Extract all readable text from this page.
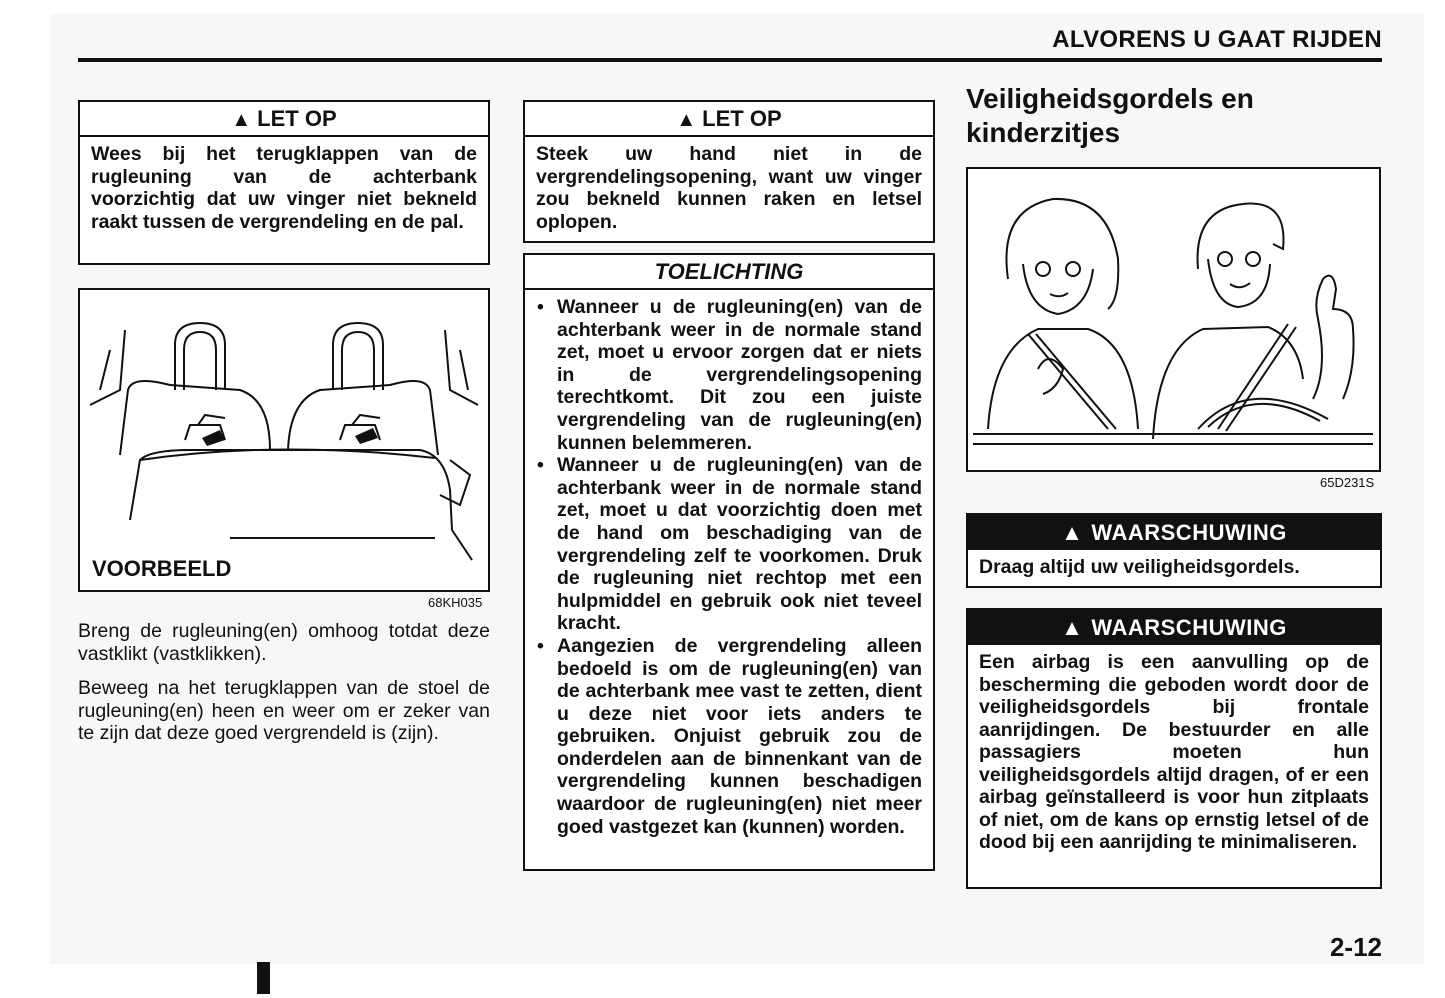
ALVORENS U GAAT RIJDEN
▲ LET OP
Wees bij het terugklappen van de rugleuning van de achterbank voorzichtig dat uw vinger niet bekneld raakt tussen de vergrendeling en de pal.
VOORBEELD
68KH035
Breng de rugleuning(en) omhoog totdat deze vastklikt (vastklikken).
Beweeg na het terugklappen van de stoel de rugleuning(en) heen en weer om er zeker van te zijn dat deze goed vergrendeld is (zijn).
▲ LET OP
Steek uw hand niet in de vergrendelingsopening, want uw vinger zou bekneld kunnen raken en letsel oplopen.
TOELICHTING
• Wanneer u de rugleuning(en) van de achterbank weer in de normale stand zet, moet u ervoor zorgen dat er niets in de vergrendelingsopening terechtkomt. Dit zou een juiste vergrendeling van de rugleuning(en) kunnen belemmeren.
• Wanneer u de rugleuning(en) van de achterbank weer in de normale stand zet, moet u dat voorzichtig doen met de hand om beschadiging van de vergrendeling zelf te voorkomen. Druk de rugleuning niet rechtop met een hulpmiddel en gebruik ook niet teveel kracht.
• Aangezien de vergrendeling alleen bedoeld is om de rugleuning(en) van de achterbank mee vast te zetten, dient u deze niet voor iets anders te gebruiken. Onjuist gebruik zou de onderdelen aan de binnenkant van de vergrendeling kunnen beschadigen waardoor de rugleuning(en) niet meer goed vastgezet kan (kunnen) worden.
Veiligheidsgordels en kinderzitjes
65D231S
▲ WAARSCHUWING
Draag altijd uw veiligheidsgordels.
▲ WAARSCHUWING
Een airbag is een aanvulling op de bescherming die geboden wordt door de veiligheidsgordels bij frontale aanrijdingen. De bestuurder en alle passagiers moeten hun veiligheidsgordels altijd dragen, of er een airbag geïnstalleerd is voor hun zitplaats of niet, om de kans op ernstig letsel of de dood bij een aanrijding te minimaliseren.
2-12
